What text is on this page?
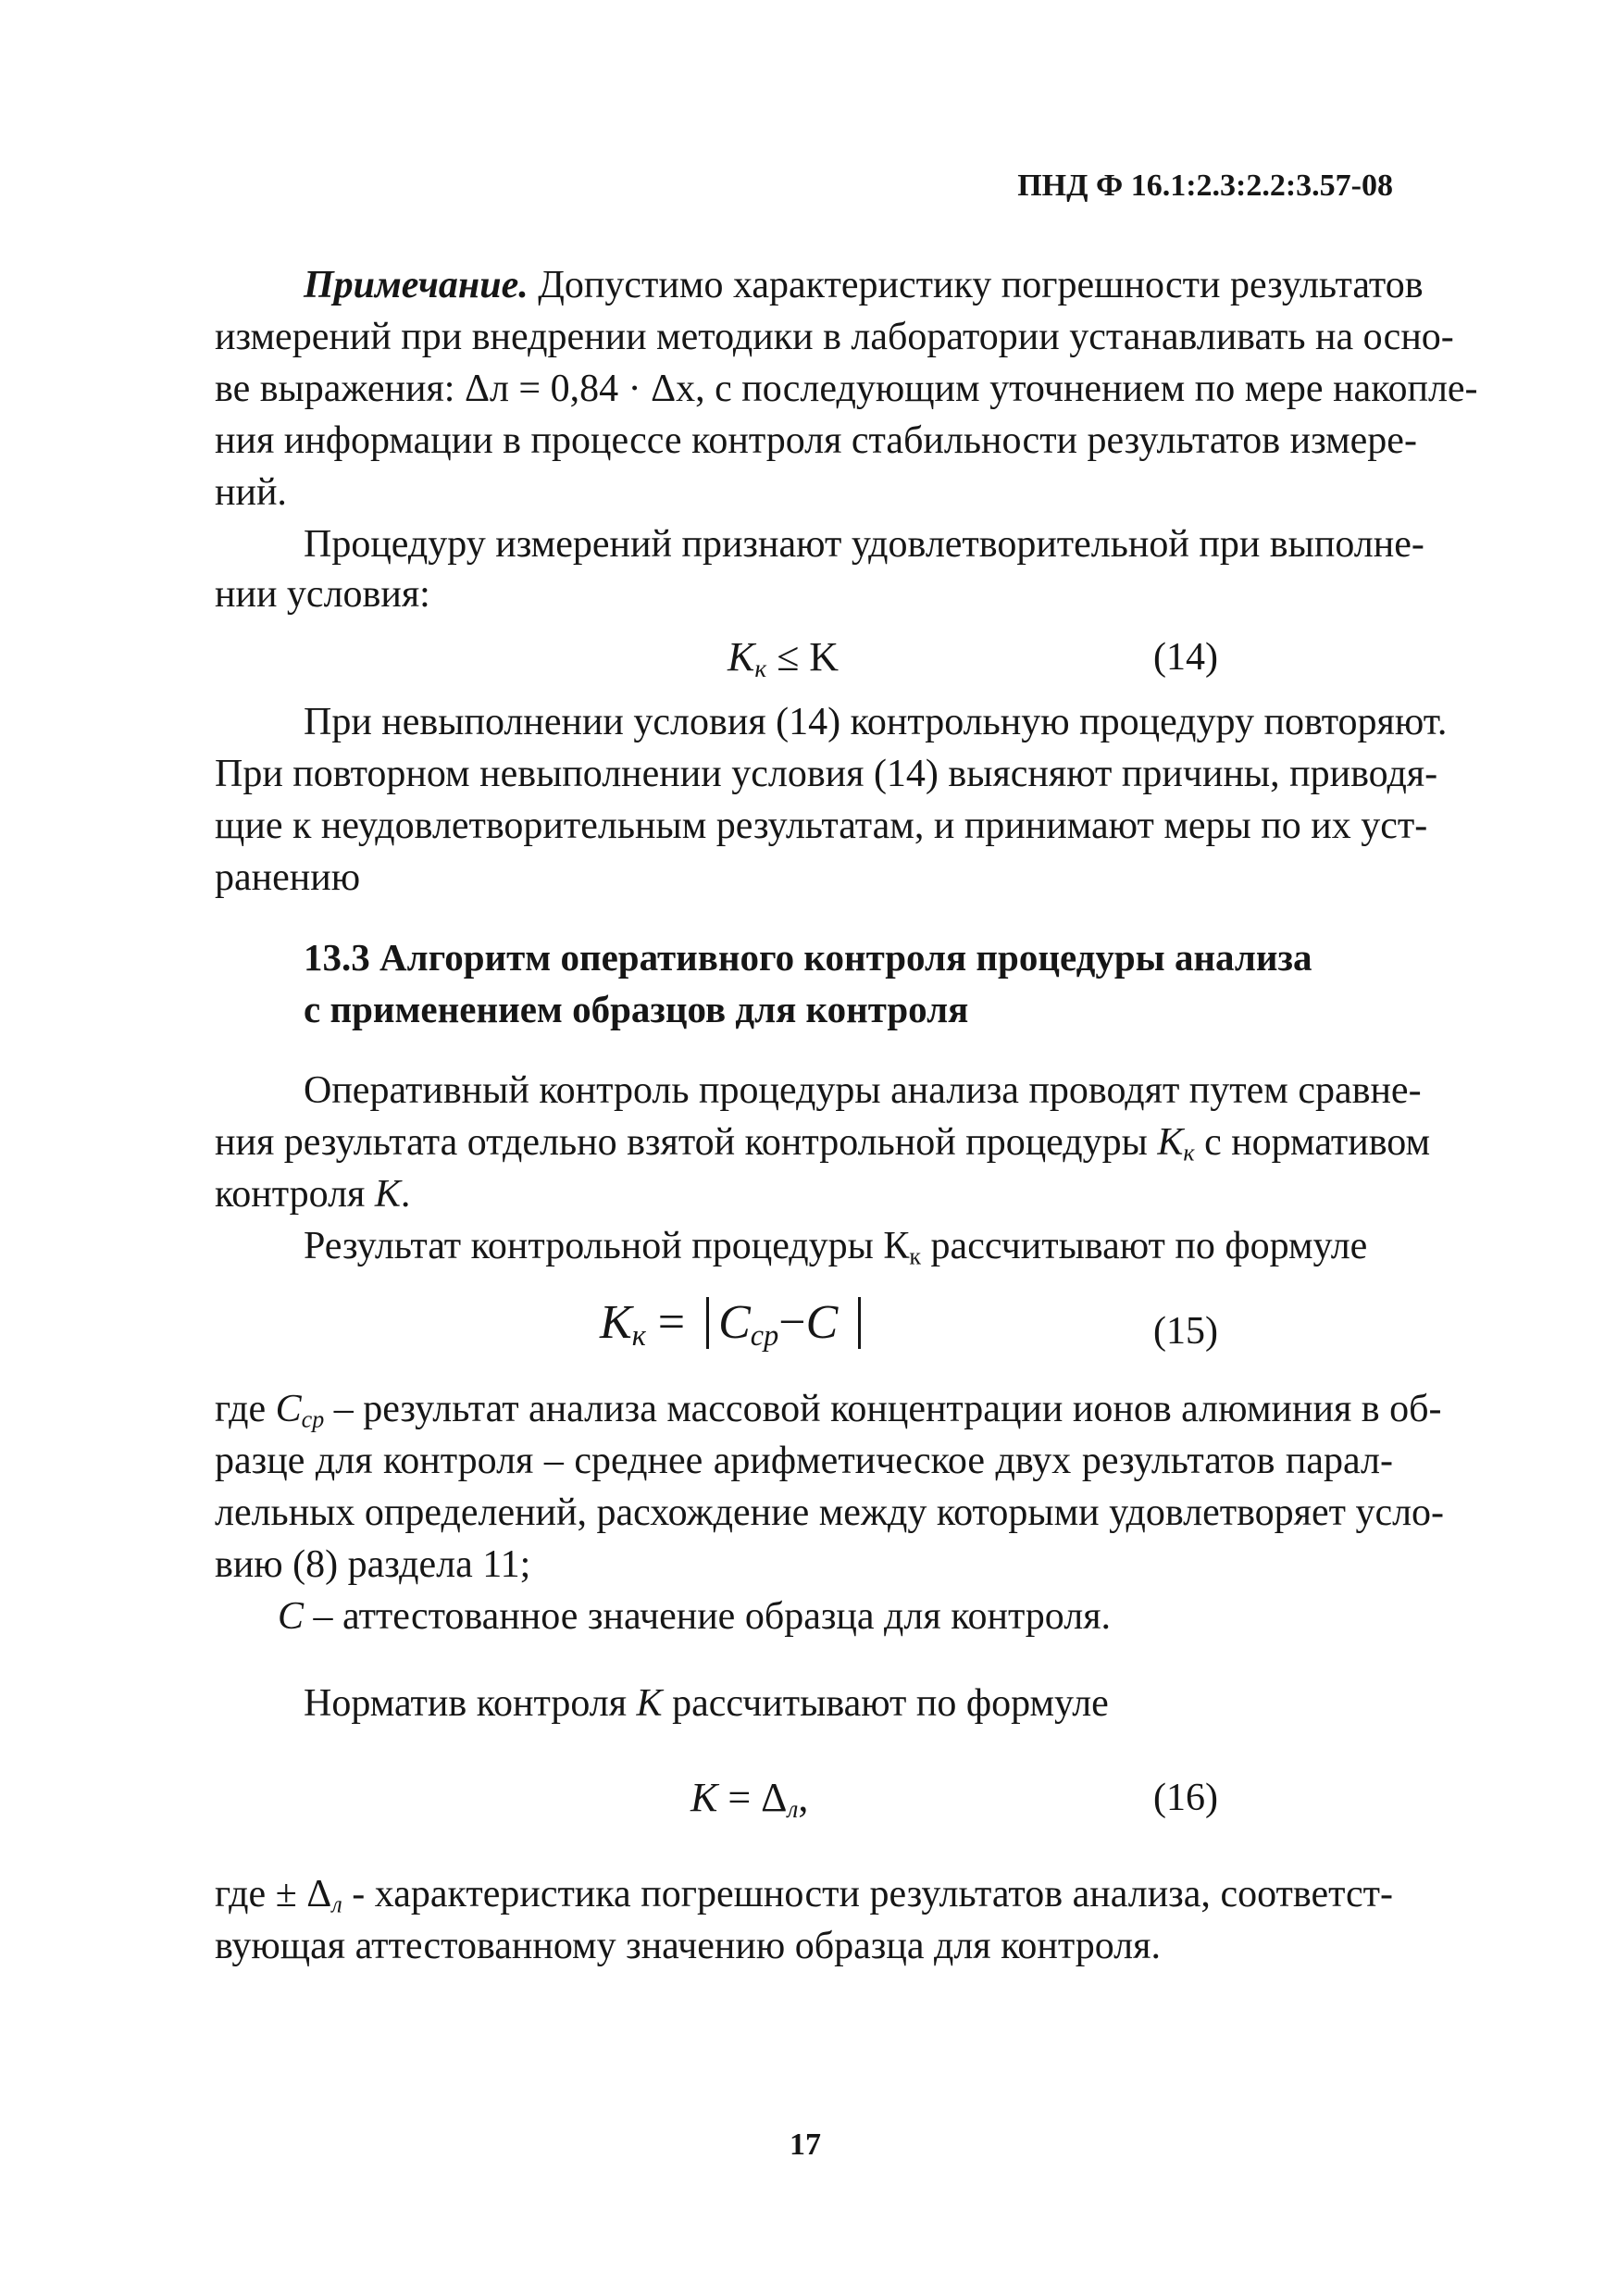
ПНД Ф 16.1:2.3:2.2:3.57-08
Примечание. Допустимо характеристику погрешности результатов
измерений при внедрении методики в лаборатории устанавливать на осно-
ве выражения: Δл = 0,84 · Δх, с последующим уточнением по мере накопле-
ния информации в процессе контроля стабильности результатов измере-
ний.
Процедуру измерений признают удовлетворительной при выполне-
нии условия:
$K_к \le K$	(14)
При невыполнении условия (14) контрольную процедуру повторяют.
При повторном невыполнении условия (14) выясняют причины, приводя-
щие к неудовлетворительным результатам, и принимают меры по их уст-
ранению
13.3 Алгоритм оперативного контроля процедуры анализа
с применением образцов для контроля
Оперативный контроль процедуры анализа проводят путем сравне-
ния результата отдельно взятой контрольной процедуры $K_к$ с нормативом
контроля K.
Результат контрольной процедуры $К_к$ рассчитывают по формуле
$K_к = C_{ср}-C$	(15)
где $C_{ср}$ – результат анализа массовой концентрации ионов алюминия в об-
разце для контроля – среднее арифметическое двух результатов парал-
лельных определений, расхождение между которыми удовлетворяет усло-
вию (8) раздела 11;
C – аттестованное значение образца для контроля.
Норматив контроля K рассчитывают по формуле
$K = \Delta_л$,	(16)
где ± $\Delta_л$ - характеристика погрешности результатов анализа, соответст-
вующая аттестованному значению образца для контроля.
17
